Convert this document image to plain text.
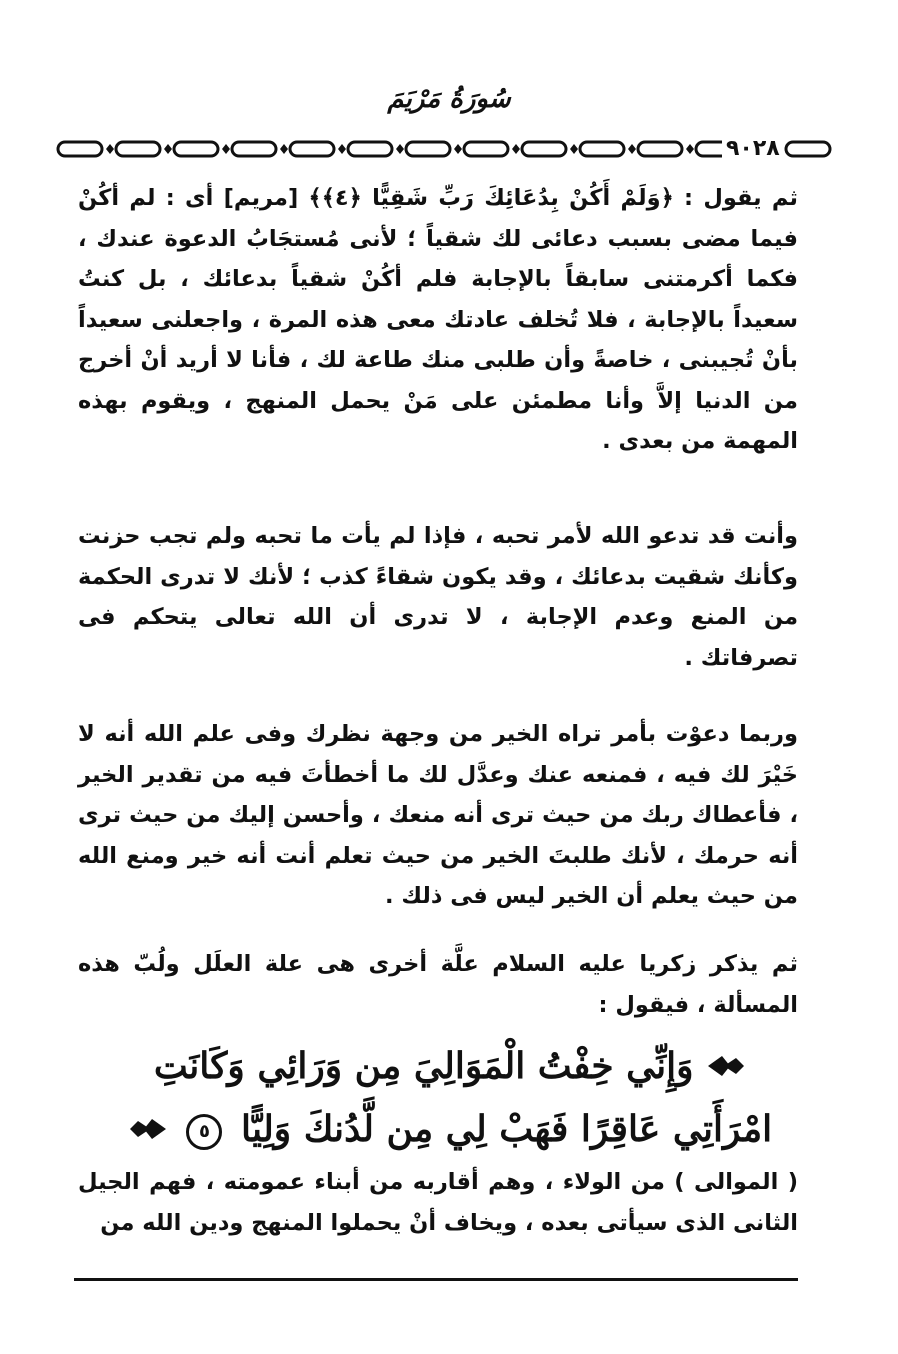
سُورَةُ مَرْيَمَ
٩٠٢٨

ثم يقول : ﴿وَلَمْ أَكُنْ بِدُعَائِكَ رَبِّ شَقِيًّا ﴿٤﴾﴾ [مريم] أى : لم أكُنْ فيما مضى بسبب دعائى لك شقياً ؛ لأنى مُستجَابُ الدعوة عندك ، فكما أكرمتنى سابقاً بالإجابة فلم أكُنْ شقياً بدعائك ، بل كنتُ سعيداً بالإجابة ، فلا تُخلف عادتك معى هذه المرة ، واجعلنى سعيداً بأنْ تُجيبنى ، خاصةً وأن طلبى منك طاعة لك ، فأنا لا أريد أنْ أخرج من الدنيا إلاَّ وأنا مطمئن على مَنْ يحمل المنهج ، ويقوم بهذه المهمة من بعدى .

وأنت قد تدعو الله لأمر تحبه ، فإذا لم يأت ما تحبه ولم تجب حزنت وكأنك شقيت بدعائك ، وقد يكون شقاءً كذب ؛ لأنك لا تدرى الحكمة من المنع وعدم الإجابة ، لا تدرى أن الله تعالى يتحكم فى تصرفاتك .

وربما دعوْت بأمر تراه الخير من وجهة نظرك وفى علم الله أنه لا خَيْرَ لك فيه ، فمنعه عنك وعدَّل لك ما أخطأتَ فيه من تقدير الخير ، فأعطاك ربك من حيث ترى أنه منعك ، وأحسن إليك من حيث ترى أنه حرمك ، لأنك طلبتَ الخير من حيث تعلم أنت أنه خير ومنع الله من حيث يعلم أن الخير ليس فى ذلك .

ثم يذكر زكريا عليه السلام علَّة أخرى هى علة العلَل ولُبّ هذه المسألة ، فيقول :

وَإِنِّي خِفْتُ الْمَوَالِيَ مِن وَرَائِي وَكَانَتِ
امْرَأَتِي عَاقِرًا فَهَبْ لِي مِن لَّدُنكَ وَلِيًّا ٥

( الموالى ) من الولاء ، وهم أقاربه من أبناء عمومته ، فهم الجيل الثانى الذى سيأتى بعده ، ويخاف أنْ يحملوا المنهج ودين الله من
